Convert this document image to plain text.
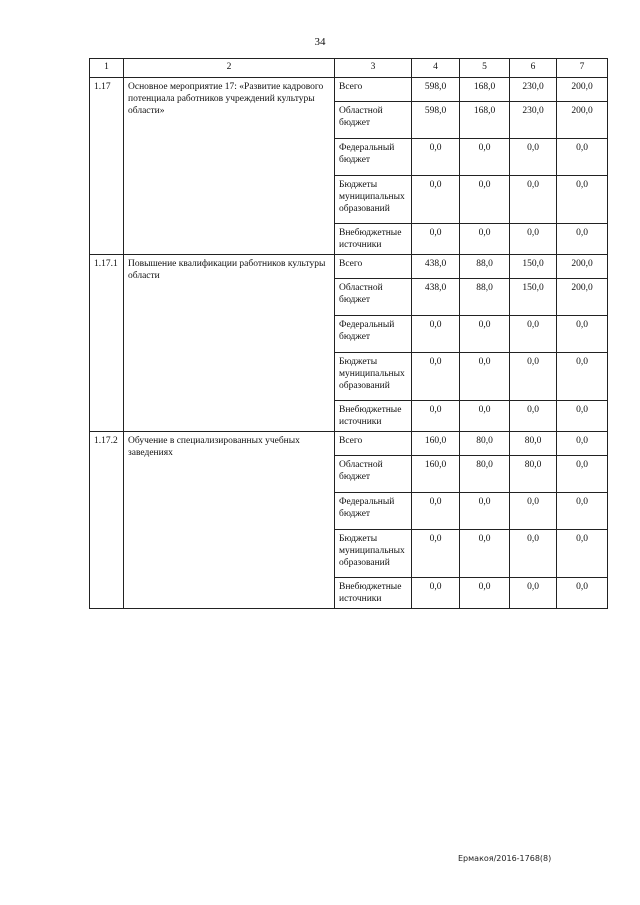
34
1	2	3	4	5	6	7
1.17	Основное мероприятие 17: «Развитие кадрового потенциала работников учреждений культуры области»	Всего	598,0	168,0	230,0	200,0
		Областной бюджет	598,0	168,0	230,0	200,0
		Федеральный бюджет	0,0	0,0	0,0	0,0
		Бюджеты муниципальных образований	0,0	0,0	0,0	0,0
		Внебюджетные источники	0,0	0,0	0,0	0,0
1.17.1	Повышение квалификации работников культуры области	Всего	438,0	88,0	150,0	200,0
		Областной бюджет	438,0	88,0	150,0	200,0
		Федеральный бюджет	0,0	0,0	0,0	0,0
		Бюджеты муниципальных образований	0,0	0,0	0,0	0,0
		Внебюджетные источники	0,0	0,0	0,0	0,0
1.17.2	Обучение в специализированных учебных заведениях	Всего	160,0	80,0	80,0	0,0
		Областной бюджет	160,0	80,0	80,0	0,0
		Федеральный бюджет	0,0	0,0	0,0	0,0
		Бюджеты муниципальных образований	0,0	0,0	0,0	0,0
		Внебюджетные источники	0,0	0,0	0,0	0,0
Ермакоя/2016-1768(8)
